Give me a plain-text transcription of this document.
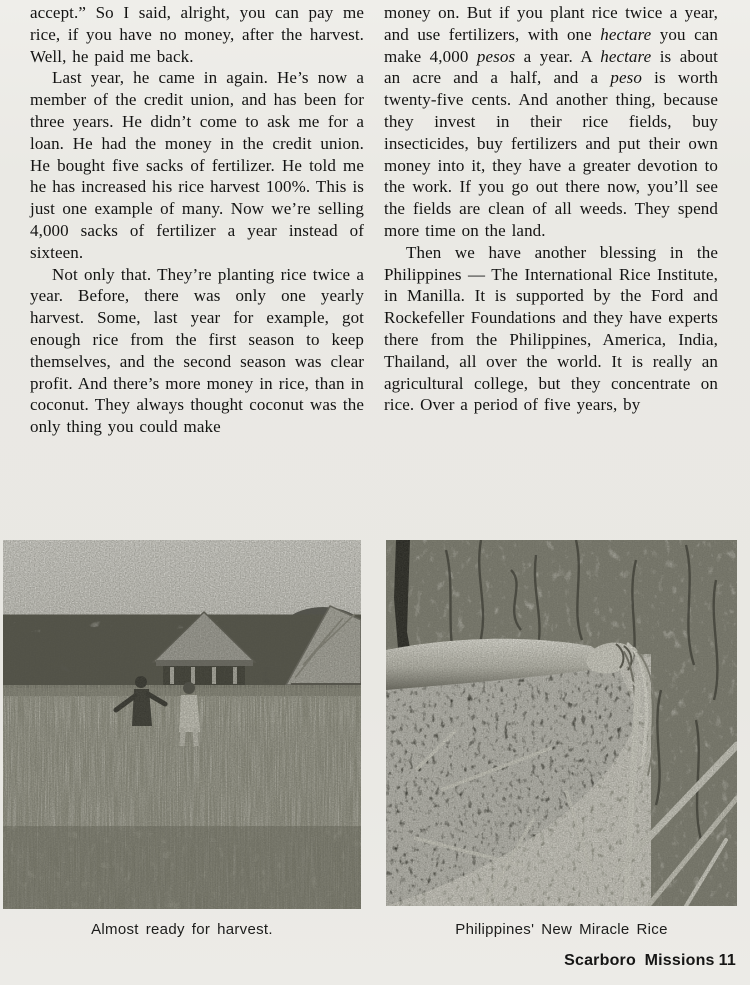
accept.” So I said, alright, you can pay me rice, if you have no money, after the harvest. Well, he paid me back.

Last year, he came in again. He’s now a member of the credit union, and has been for three years. He didn’t come to ask me for a loan. He had the money in the credit union. He bought five sacks of fertilizer. He told me he has increased his rice harvest 100%. This is just one example of many. Now we’re selling 4,000 sacks of fertilizer a year instead of sixteen.

Not only that. They’re planting rice twice a year. Before, there was only one yearly harvest. Some, last year for example, got enough rice from the first season to keep themselves, and the second season was clear profit. And there’s more money in rice, than in coconut. They always thought coconut was the only thing you could make

money on. But if you plant rice twice a year, and use fertilizers, with one hectare you can make 4,000 pesos a year. A hectare is about an acre and a half, and a peso is worth twenty-five cents. And another thing, because they invest in their rice fields, buy insecticides, buy fertilizers and put their own money into it, they have a greater devotion to the work. If you go out there now, you’ll see the fields are clean of all weeds. They spend more time on the land.

Then we have another blessing in the Philippines — The International Rice Institute, in Manilla. It is supported by the Ford and Rockefeller Foundations and they have experts there from the Philippines, America, India, Thailand, all over the world. It is really an agricultural college, but they concentrate on rice. Over a period of five years, by

Almost ready for harvest.	Philippines' New Miracle Rice
Scarboro Missions 11
